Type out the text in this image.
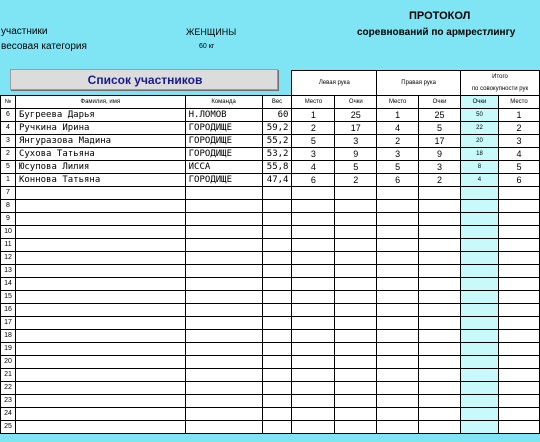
участники
весовая категория
ЖЕНЩИНЫ
60 кг
ПРОТОКОЛ
соревнований по армрестлингу
				Левая рука		Правая рука		Итого
по совокупности рук	
№	Фамилия, имя	Команда	Вес	Место	Очки	Место	Очки	Очки	Место
6	Бугреева Дарья	Н.ЛОМОВ	60	1	25	1	25	50	1
4	Ручкина Ирина	ГОРОДИЩЕ	59,2	2	17	4	5	22	2
3	Янгуразова Мадина	ГОРОДИЩЕ	55,2	5	3	2	17	20	3
2	Сухова Татьяна	ГОРОДИЩЕ	53,2	3	9	3	9	18	4
5	Юсупова Лилия	ИССА	55,8	4	5	5	3	8	5
1	Коннова Татьяна	ГОРОДИЩЕ	47,4	6	2	6	2	4	6
7									
8									
9									
10									
11									
12									
13									
14									
15									
16									
17									
18									
19									
20									
21									
22									
23									
24									
25									
Список участников
